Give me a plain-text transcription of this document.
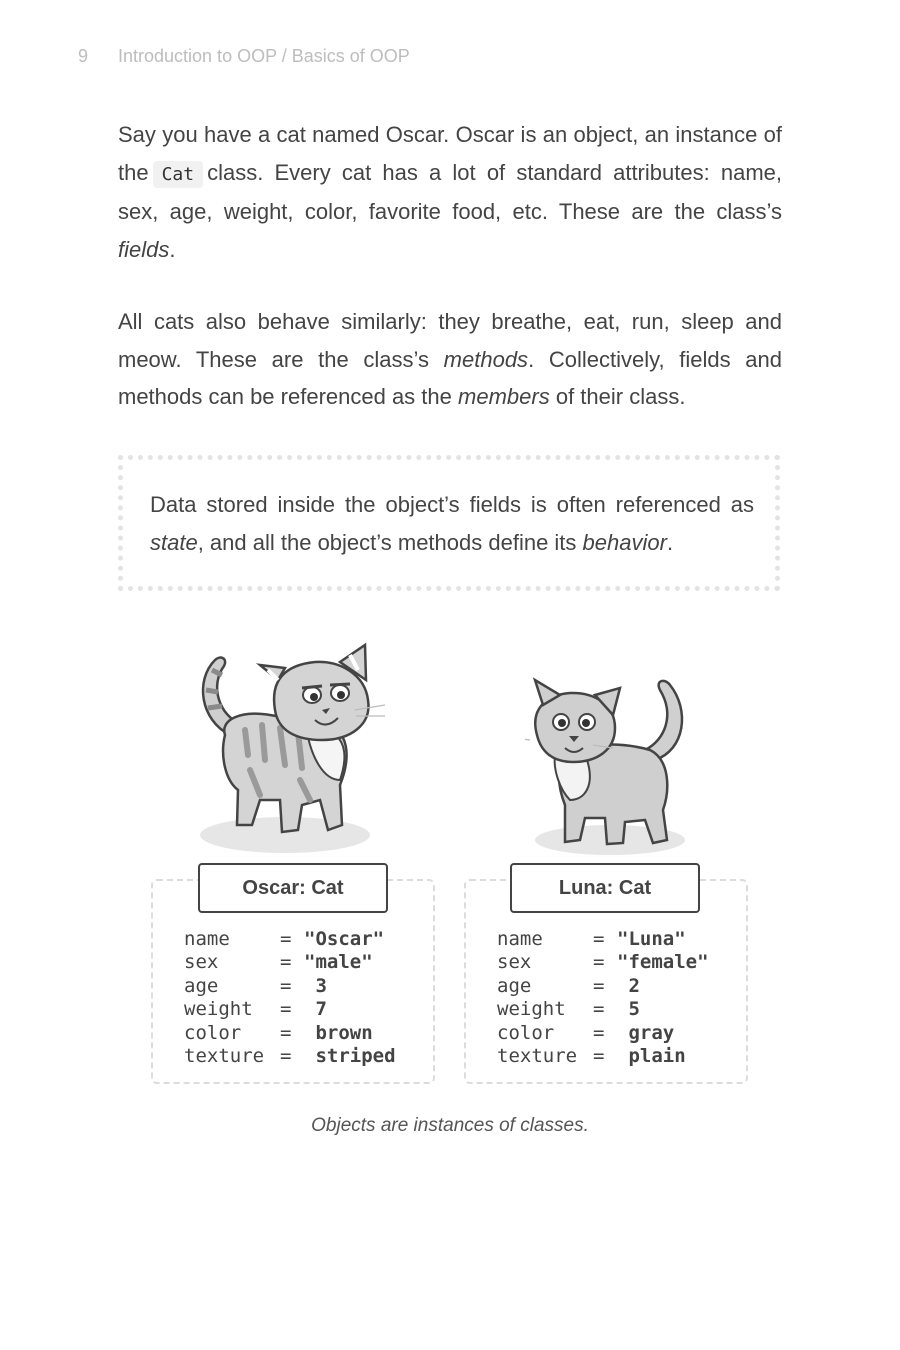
9 Introduction to OOP / Basics of OOP
Say you have a cat named Oscar. Oscar is an object, an instance of the Cat class. Every cat has a lot of standard attributes: name, sex, age, weight, color, favorite food, etc. These are the class’s fields.
All cats also behave similarly: they breathe, eat, run, sleep and meow. These are the class’s methods. Collectively, fields and methods can be referenced as the members of their class.
Data stored inside the object’s fields is often referenced as state, and all the object’s methods define its behavior.
Oscar: Cat	Luna: Cat
name	= "Oscar"
sex	= "male"
age	= 3
weight	= 7
color	= brown
texture = striped
name	= "Luna"
sex	= "female"
age	= 2
weight	= 5
color	= gray
texture = plain
Objects are instances of classes.
